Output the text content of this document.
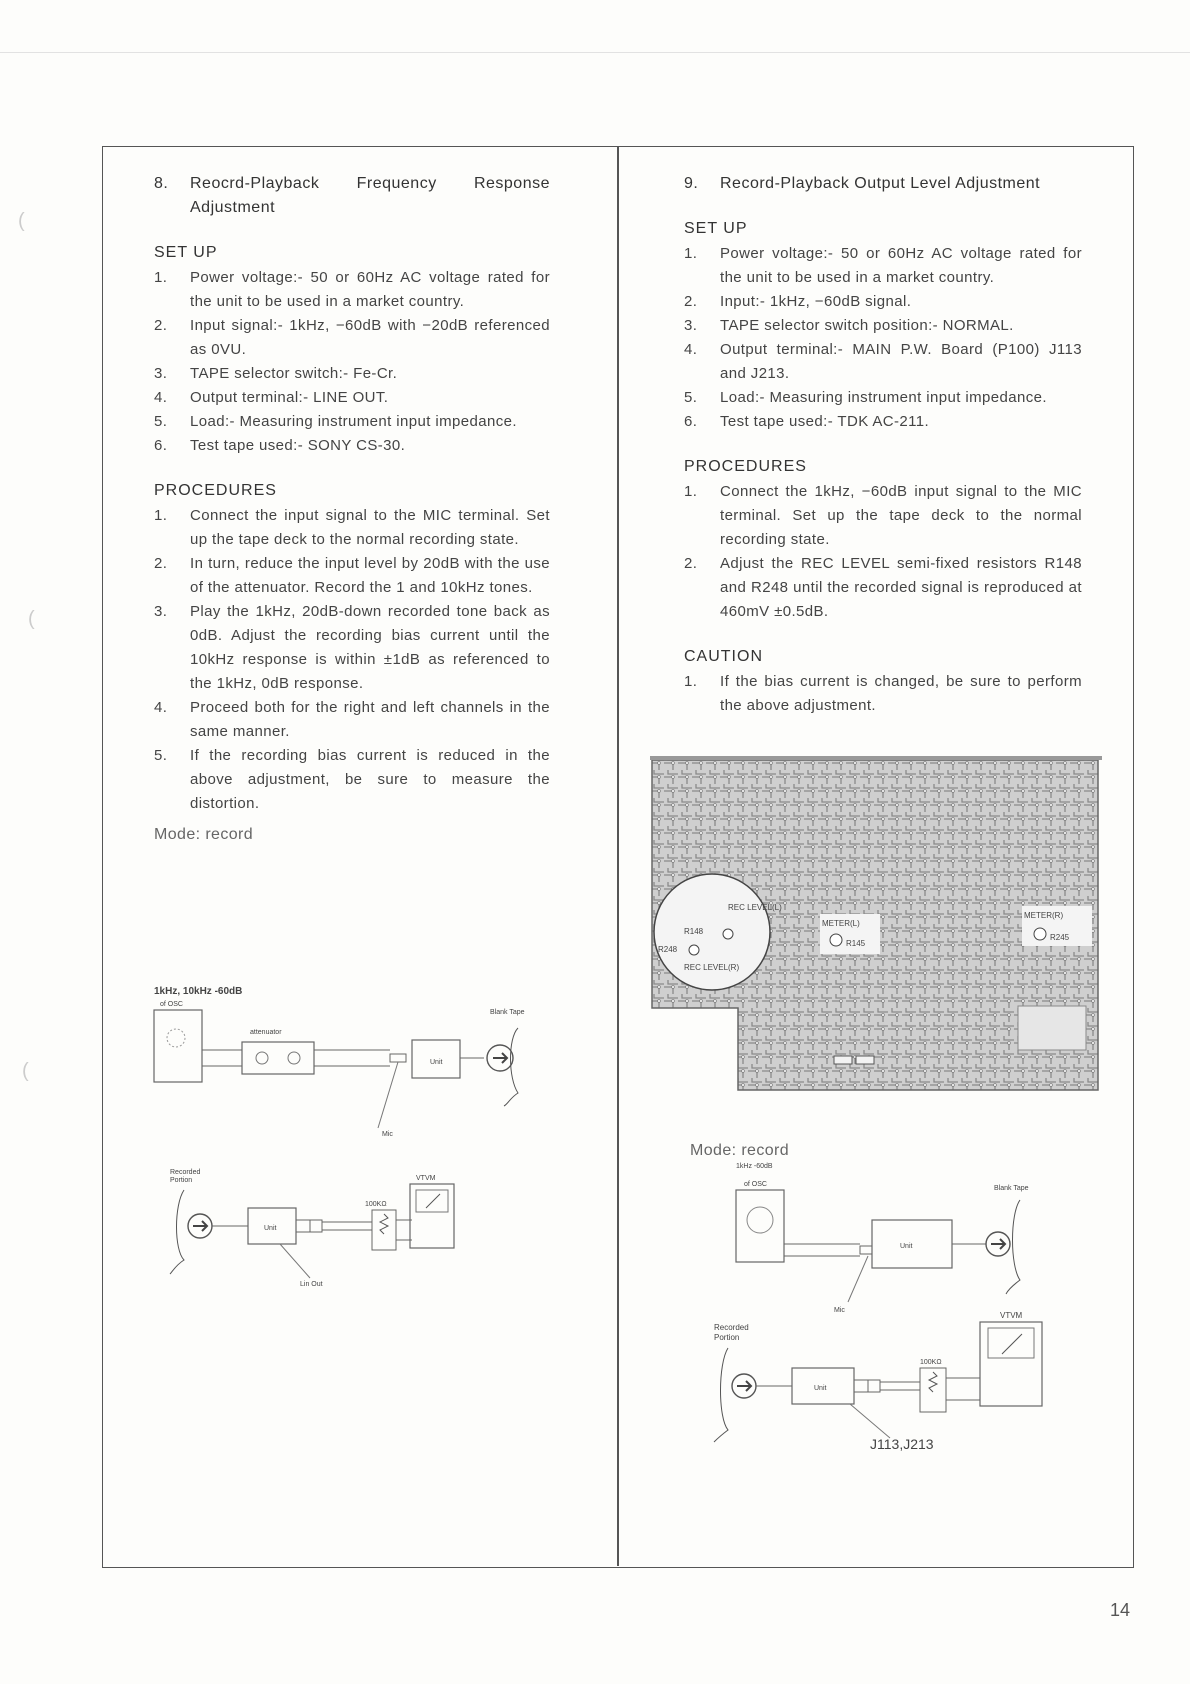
(
(
(
8.	Reocrd-Playback Frequency Response Adjustment
SET UP
1.	Power voltage:- 50 or 60Hz AC voltage rated for the unit to be used in a market country.
2.	Input signal:- 1kHz, −60dB with −20dB referenced as 0VU.
3.	TAPE selector switch:- Fe-Cr.
4.	Output terminal:- LINE OUT.
5.	Load:- Measuring instrument input impedance.
6.	Test tape used:- SONY CS-30.
PROCEDURES
1.	Connect the input signal to the MIC terminal. Set up the tape deck to the normal recording state.
2.	In turn, reduce the input level by 20dB with the use of the attenuator. Record the 1 and 10kHz tones.
3.	Play the 1kHz, 20dB-down recorded tone back as 0dB. Adjust the recording bias current until the 10kHz response is within ±1dB as referenced to the 1kHz, 0dB response.
4.	Proceed both for the right and left channels in the same manner.
5.	If the recording bias current is reduced in the above adjustment, be sure to measure the distortion.
Mode: record
1kHz, 10kHz -60dB
of OSC
attenuator
Unit
Blank Tape
Mic
Recorded
Portion
Unit
100KΩ
VTVM
Lin Out
9.	Record-Playback Output Level Adjustment
SET UP
1.	Power voltage:- 50 or 60Hz AC voltage rated for the unit to be used in a market country.
2.	Input:- 1kHz, −60dB signal.
3.	TAPE selector switch position:- NORMAL.
4.	Output terminal:- MAIN P.W. Board (P100) J113 and J213.
5.	Load:- Measuring instrument input impedance.
6.	Test tape used:- TDK AC-211.
PROCEDURES
1.	Connect the 1kHz, −60dB input signal to the MIC terminal. Set up the tape deck to the normal recording state.
2.	Adjust the REC LEVEL semi-fixed resistors R148 and R248 until the recorded signal is reproduced at 460mV ±0.5dB.
CAUTION
1.	If the bias current is changed, be sure to perform the above adjustment.
REC LEVEL(L)
R148
R248
REC LEVEL(R)
METER(L)
R145
METER(R)
R245
Mode: record
1kHz -60dB
of OSC
Unit
Blank Tape
Mic
Recorded
Portion
Unit
100KΩ
VTVM
J113,J213
14
